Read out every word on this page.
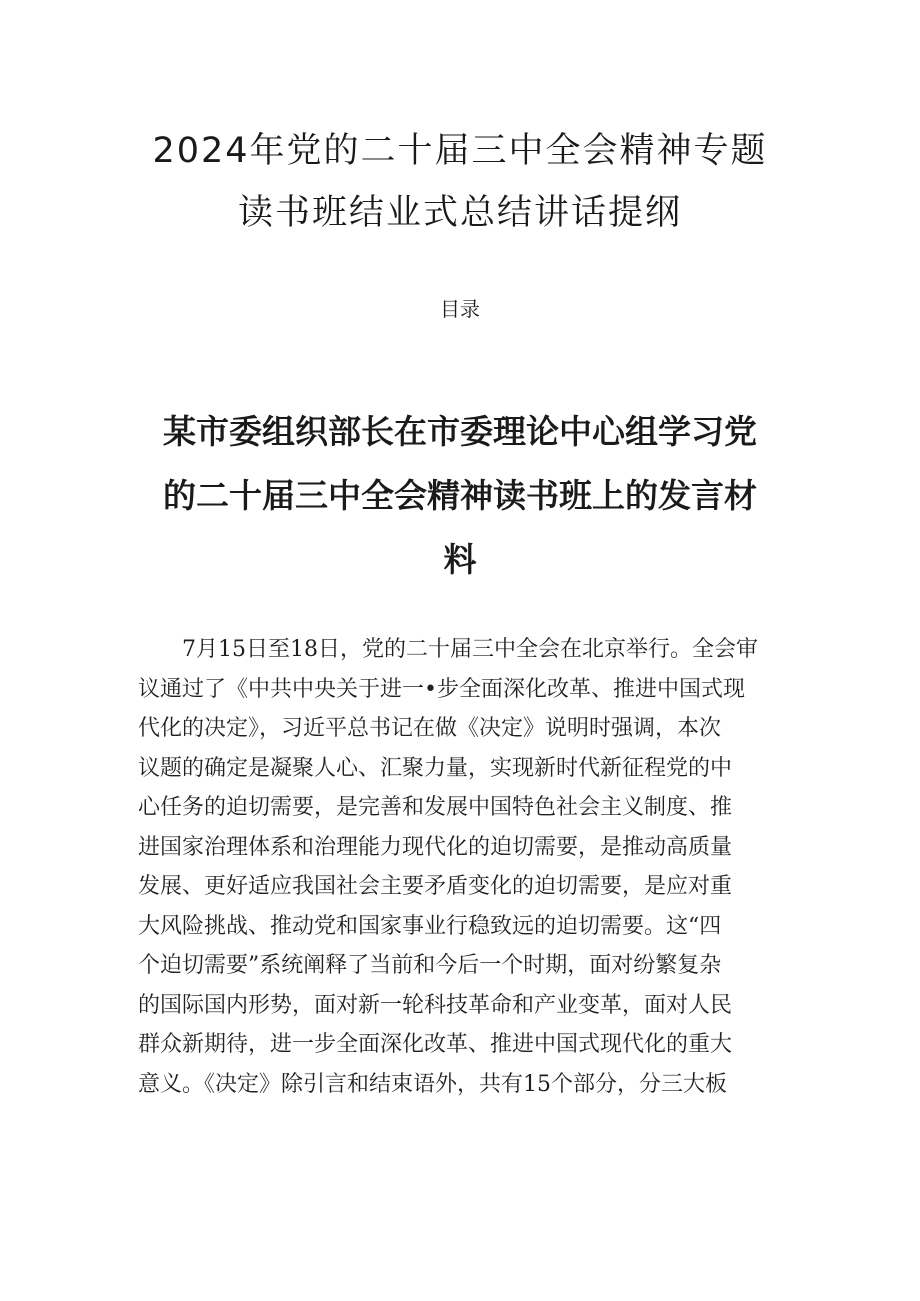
2024年党的二十届三中全会精神专题
读书班结业式总结讲话提纲
目录
某市委组织部长在市委理论中心组学习党
的二十届三中全会精神读书班上的发言材
料
7月15日至18日，党的二十届三中全会在北京举行。全会审
议通过了《中共中央关于进一•步全面深化改革、推进中国式现
代化的决定》，习近平总书记在做《决定》说明时强调，本次
议题的确定是凝聚人心、汇聚力量，实现新时代新征程党的中
心任务的迫切需要，是完善和发展中国特色社会主义制度、推
进国家治理体系和治理能力现代化的迫切需要，是推动高质量
发展、更好适应我国社会主要矛盾变化的迫切需要，是应对重
大风险挑战、推动党和国家事业行稳致远的迫切需要。这“四
个迫切需要”系统阐释了当前和今后一个时期，面对纷繁复杂
的国际国内形势，面对新一轮科技革命和产业变革，面对人民
群众新期待，进一步全面深化改革、推进中国式现代化的重大
意义。《决定》除引言和结束语外，共有15个部分，分三大板
